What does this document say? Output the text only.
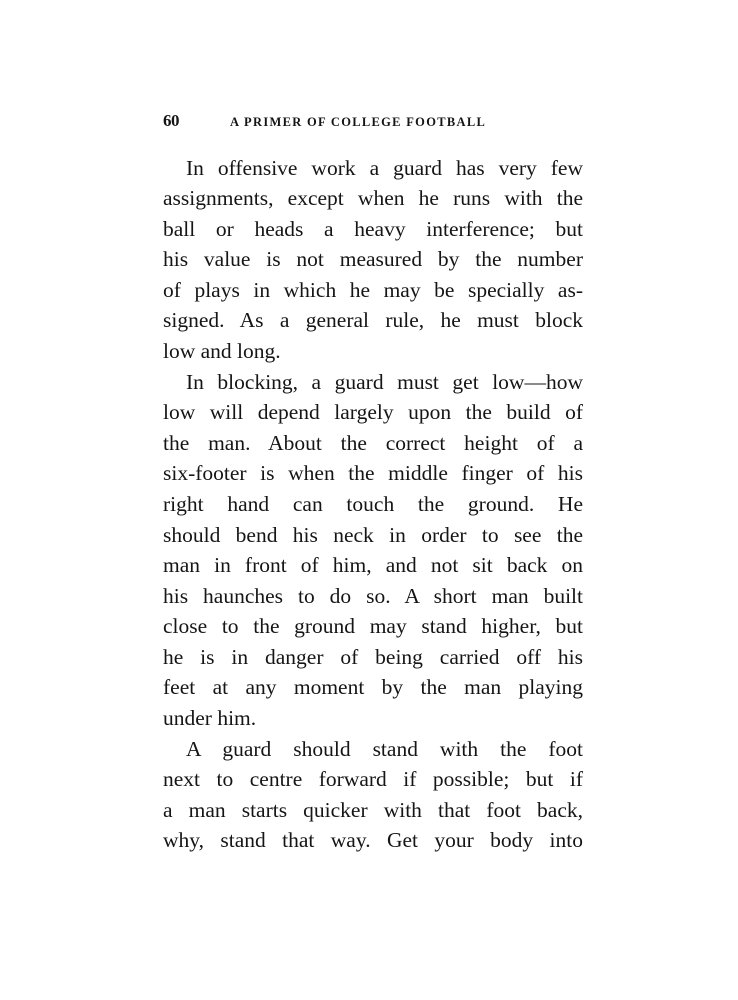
60	A PRIMER OF COLLEGE FOOTBALL
In offensive work a guard has very few
assignments, except when he runs with the
ball or heads a heavy interference; but
his value is not measured by the number
of plays in which he may be specially as-
signed. As a general rule, he must block
low and long.
In blocking, a guard must get low—how
low will depend largely upon the build of
the man. About the correct height of a
six-footer is when the middle finger of his
right hand can touch the ground. He
should bend his neck in order to see the
man in front of him, and not sit back on
his haunches to do so. A short man built
close to the ground may stand higher, but
he is in danger of being carried off his
feet at any moment by the man playing
under him.
A guard should stand with the foot
next to centre forward if possible; but if
a man starts quicker with that foot back,
why, stand that way. Get your body into
